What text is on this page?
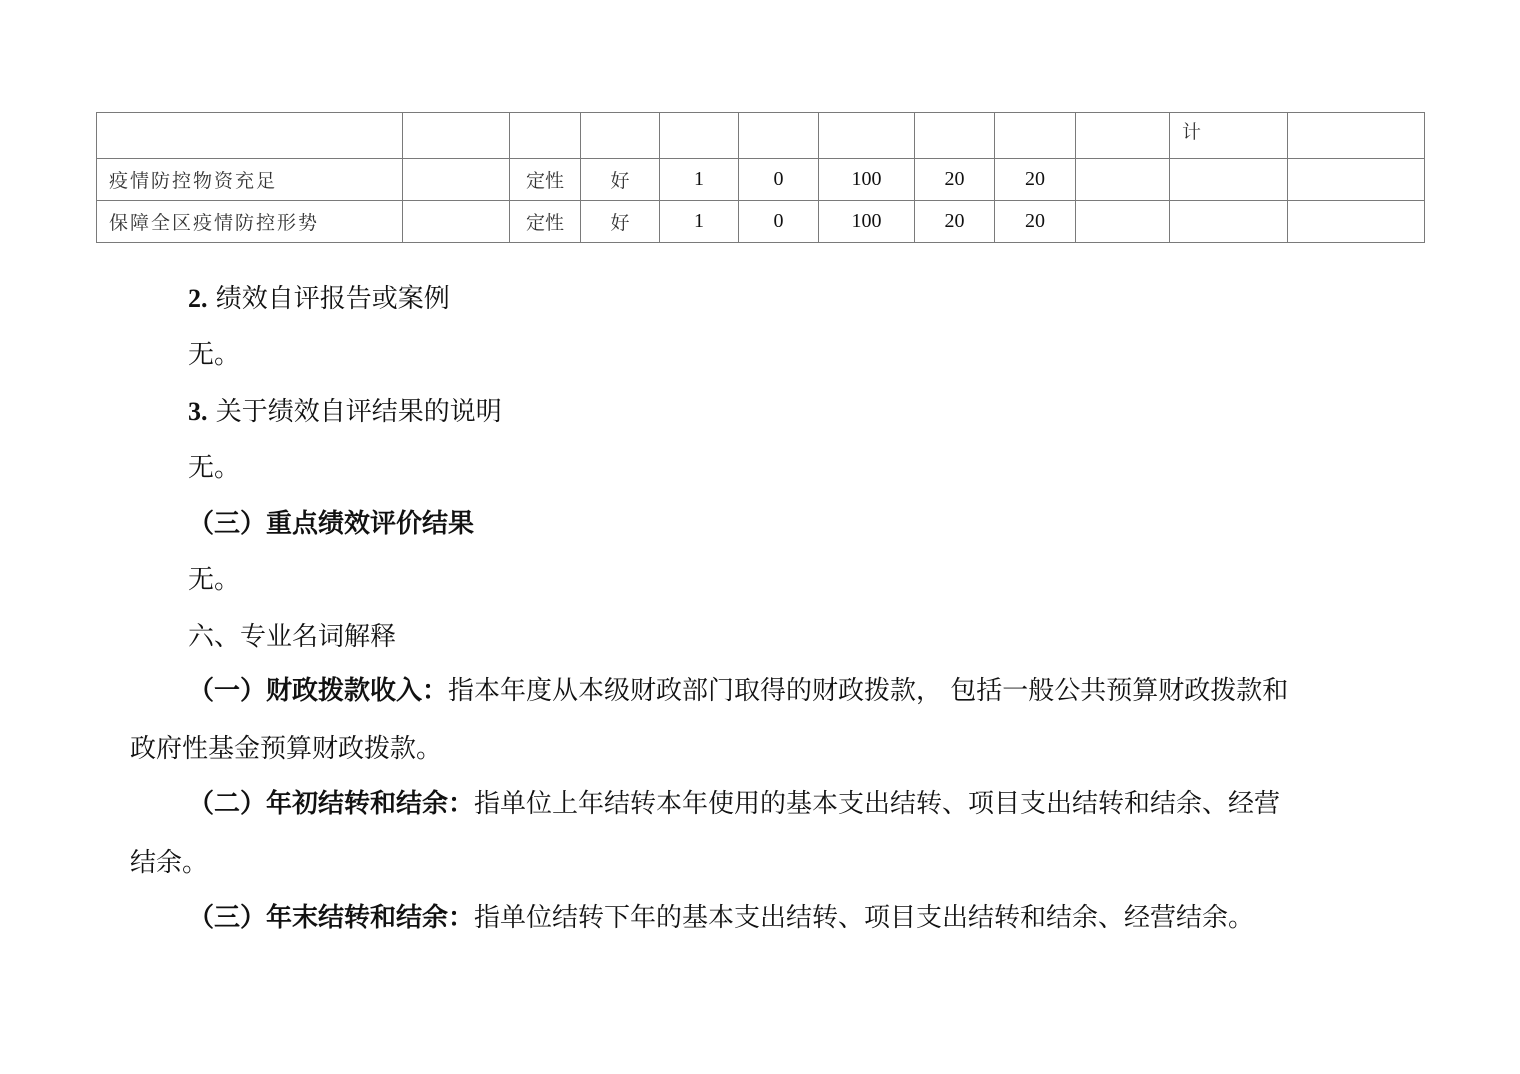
										计	
疫情防控物资充足		定性	好	1	0	100	20	20			
保障全区疫情防控形势		定性	好	1	0	100	20	20			
2. 绩效自评报告或案例
无。
3. 关于绩效自评结果的说明
无。
（三）重点绩效评价结果
无。
六、专业名词解释
（一）财政拨款收入：指本年度从本级财政部门取得的财政拨款， 包括一般公共预算财政拨款和
政府性基金预算财政拨款。
（二）年初结转和结余：指单位上年结转本年使用的基本支出结转、项目支出结转和结余、经营
结余。
（三）年末结转和结余：指单位结转下年的基本支出结转、项目支出结转和结余、经营结余。
